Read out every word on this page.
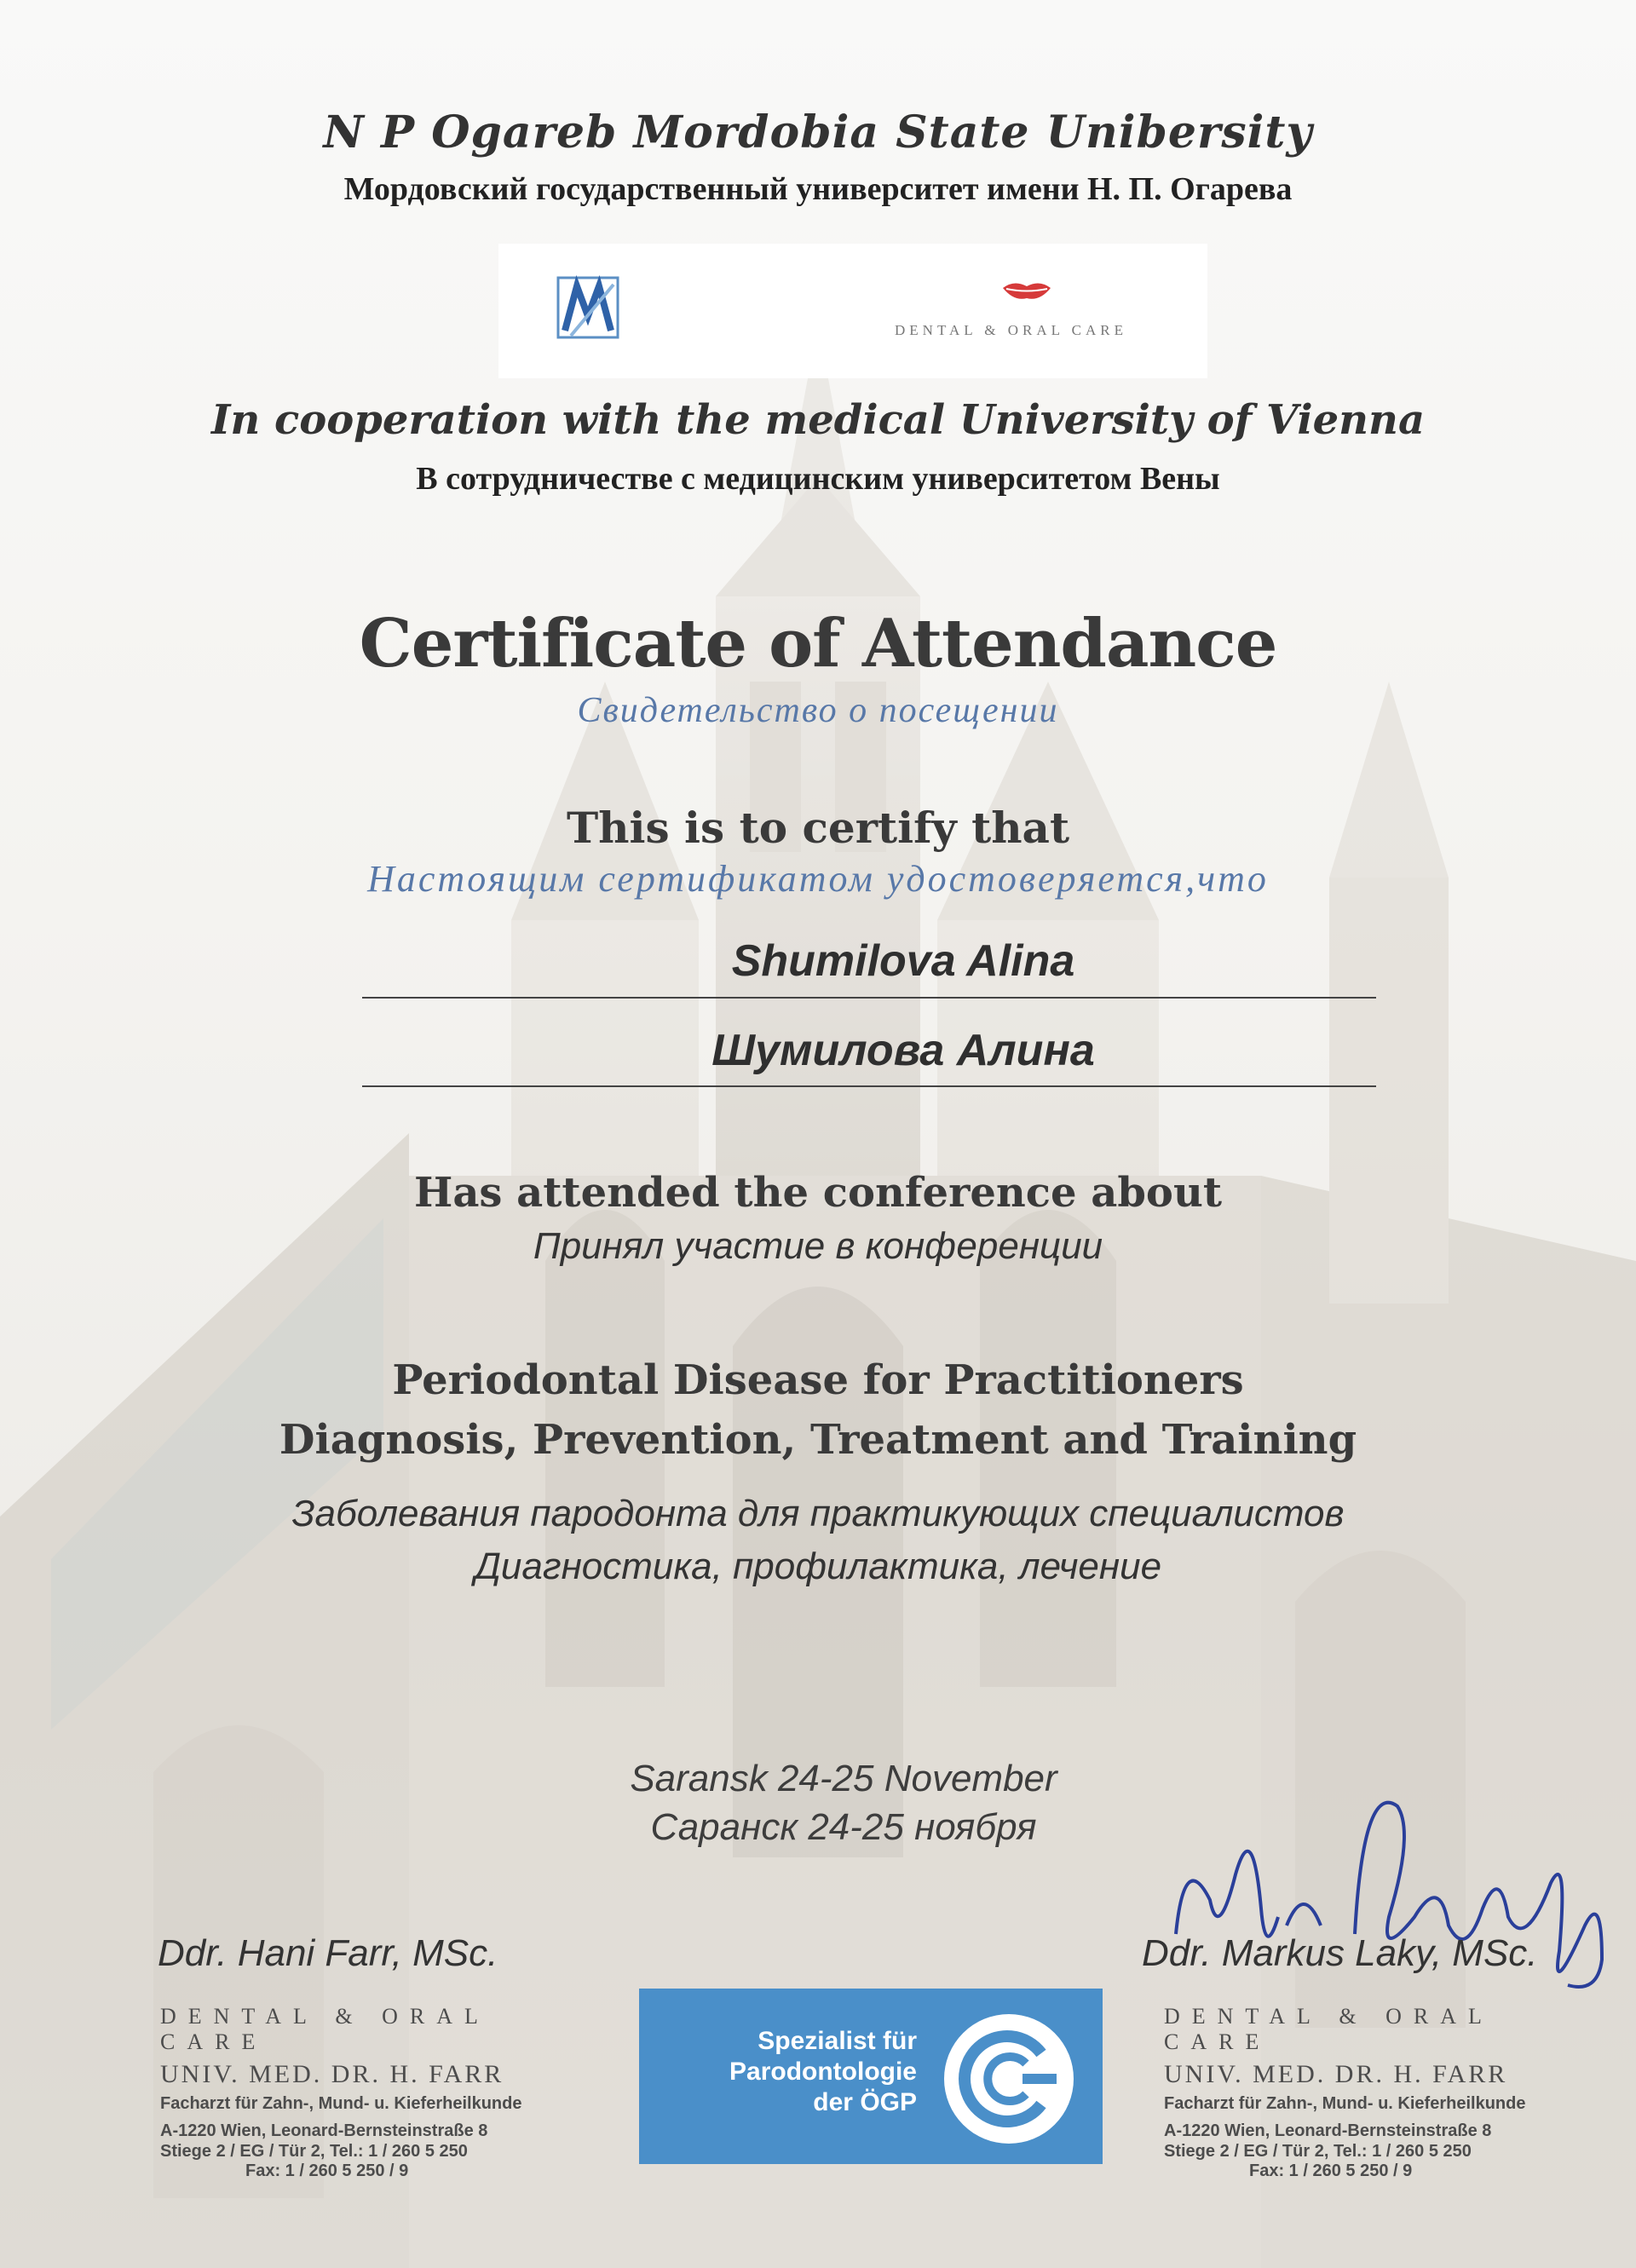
N P Ogareb Mordobia State Unibersity
Мордовский государственный университет имени Н. П. Огарева
DENTAL & ORAL CARE
In cooperation with the medical University of Vienna
В сотрудничестве с медицинским университетом Вены
Certificate of Attendance
Свидетельство о посещении
This is to certify that
Настоящим сертификатом удостоверяется,что
Shumilova Alina
Шумилова Алина
Has attended the conference about
Принял участие в конференции
Periodontal Disease for Practitioners
Diagnosis, Prevention, Treatment and Training
Заболевания пародонта для практикующих специалистов
Диагностика, профилактика, лечение
Saransk 24-25 November
Саранск 24-25 ноября
Ddr. Hani Farr, MSc.	Ddr. Markus Laky, MSc.
DENTAL & ORAL CARE
UNIV. MED. DR. H. FARR
Facharzt für Zahn-, Mund- u. Kieferheilkunde
A-1220 Wien, Leonard-Bernsteinstraße 8
Stiege 2 / EG / Tür 2, Tel.: 1 / 260 5 250
Fax: 1 / 260 5 250 / 9
Spezialist für
Parodontologie
der ÖGP
DENTAL & ORAL CARE
UNIV. MED. DR. H. FARR
Facharzt für Zahn-, Mund- u. Kieferheilkunde
A-1220 Wien, Leonard-Bernsteinstraße 8
Stiege 2 / EG / Tür 2, Tel.: 1 / 260 5 250
Fax: 1 / 260 5 250 / 9
